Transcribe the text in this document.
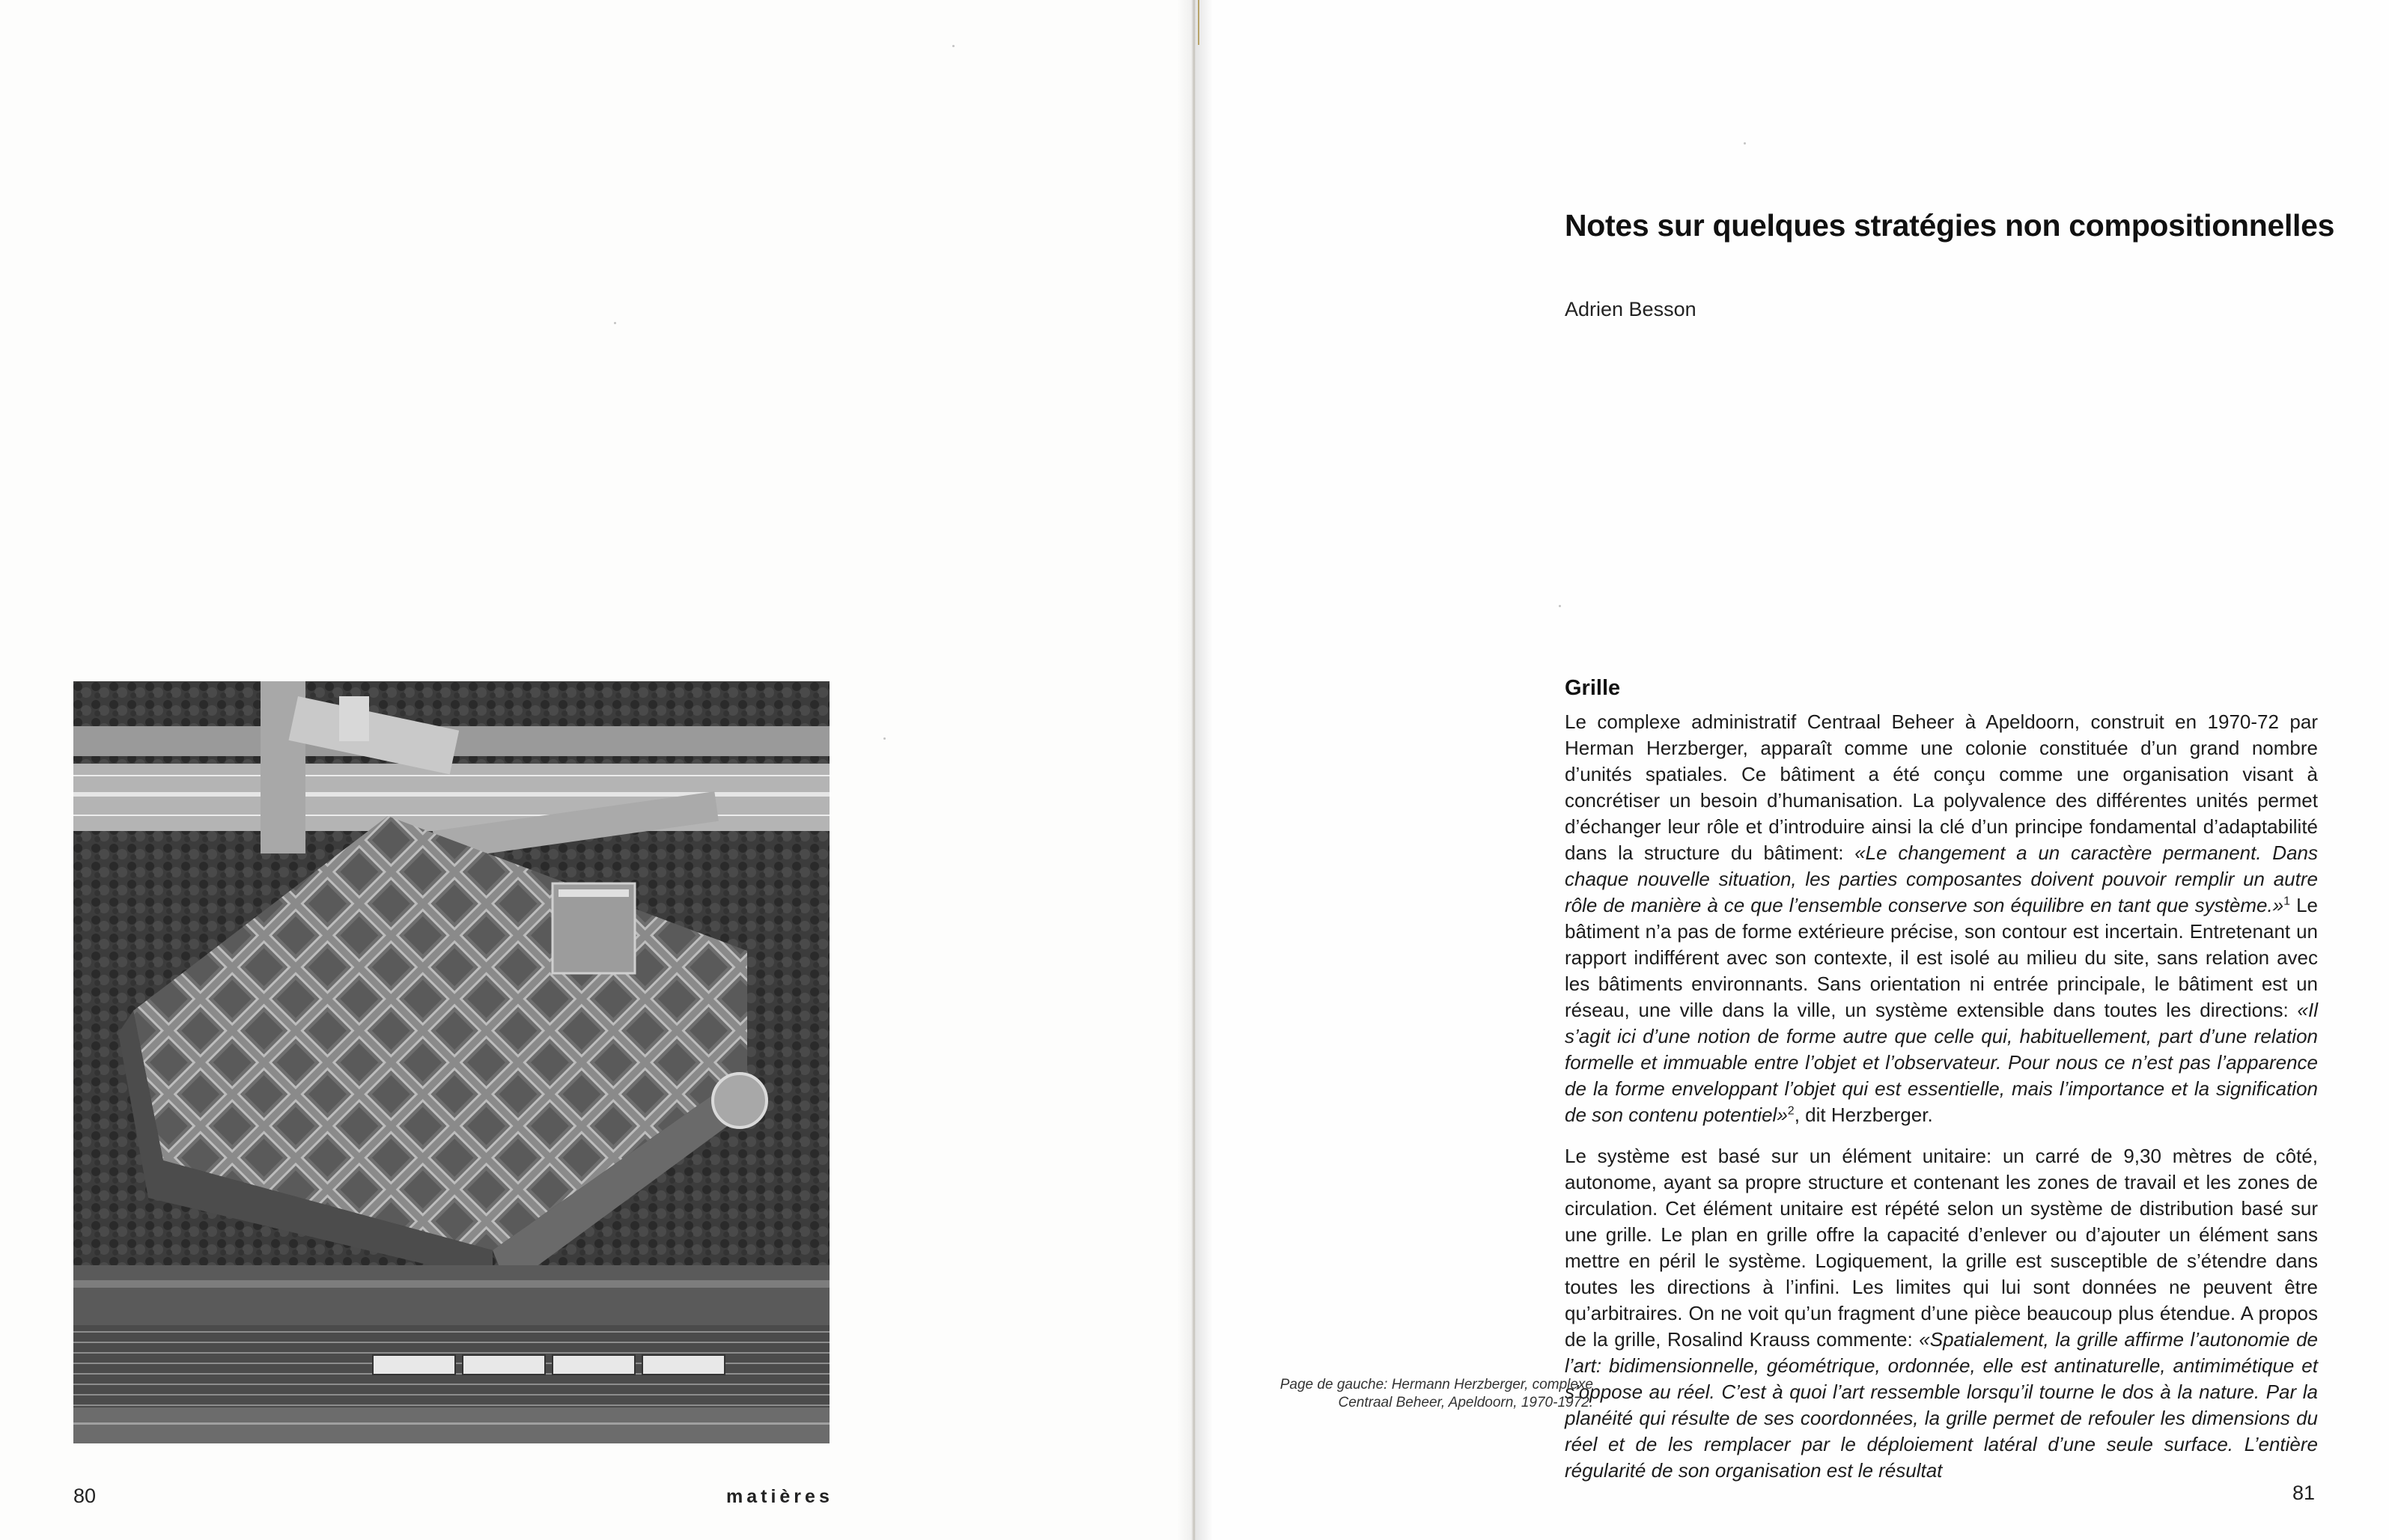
80	matières
Notes sur quelques stratégies non compositionnelles
Adrien Besson
Grille

Le complexe administratif Centraal Beheer à Apeldoorn, construit en 1970-72 par Herman Herzberger, apparaît comme une colonie constituée d’un grand nombre d’unités spatiales. Ce bâtiment a été conçu comme une organisation visant à concrétiser un besoin d’humanisation. La polyvalence des différentes unités permet d’échanger leur rôle et d’introduire ainsi la clé d’un principe fondamental d’adaptabilité dans la structure du bâtiment: «Le changement a un caractère permanent. Dans chaque nouvelle situation, les parties composantes doivent pouvoir remplir un autre rôle de manière à ce que l’ensemble conserve son équilibre en tant que système.»$^1$ Le bâtiment n’a pas de forme extérieure précise, son contour est incertain. Entretenant un rapport indifférent avec son contexte, il est isolé au milieu du site, sans relation avec les bâtiments environnants. Sans orientation ni entrée principale, le bâtiment est un réseau, une ville dans la ville, un système extensible dans toutes les directions: «Il s’agit ici d’une notion de forme autre que celle qui, habituellement, part d’une relation formelle et immuable entre l’objet et l’observateur. Pour nous ce n’est pas l’apparence de la forme enveloppant l’objet qui est essentielle, mais l’importance et la signification de son contenu potentiel»$^2$, dit Herzberger.

Le système est basé sur un élément unitaire: un carré de 9,30 mètres de côté, autonome, ayant sa propre structure et contenant les zones de travail et les zones de circulation. Cet élément unitaire est répété selon un système de distribution basé sur une grille. Le plan en grille offre la capacité d’enlever ou d’ajouter un élément sans mettre en péril le système. Logiquement, la grille est susceptible de s’étendre dans toutes les directions à l’infini. Les limites qui lui sont données ne peuvent être qu’arbitraires. On ne voit qu’un fragment d’une pièce beaucoup plus étendue. A propos de la grille, Rosalind Krauss commente: «Spatialement, la grille affirme l’autonomie de l’art: bidimensionnelle, géométrique, ordonnée, elle est antinaturelle, antimimétique et s’oppose au réel. C’est à quoi l’art ressemble lorsqu’il tourne le dos à la nature. Par la planéité qui résulte de ses coordonnées, la grille permet de refouler les dimensions du réel et de les remplacer par le déploiement latéral d’une seule surface. L’entière régularité de son organisation est le résultat

Page de gauche: Hermann Herzberger, complexe Centraal Beheer, Apeldoorn, 1970-1972.
81
